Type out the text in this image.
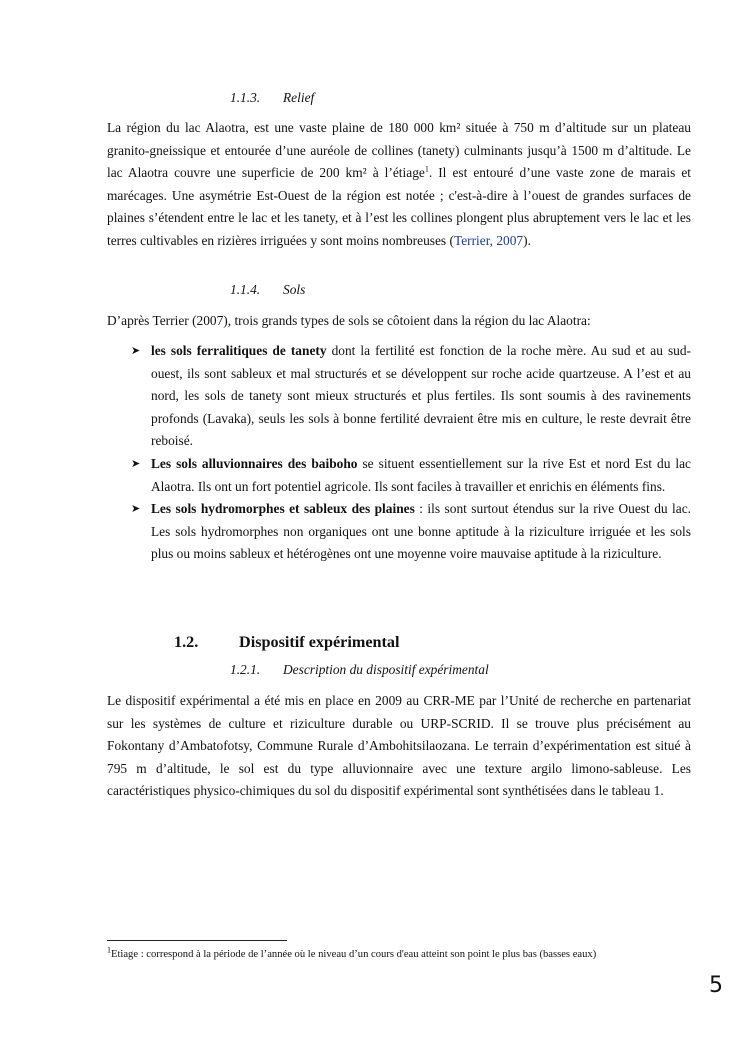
1.1.3. Relief

La région du lac Alaotra, est une vaste plaine de 180 000 km² située à 750 m d’altitude sur un plateau granito-gneissique et entourée d’une auréole de collines (tanety) culminants jusqu’à 1500 m d’altitude. Le lac Alaotra couvre une superficie de 200 km² à l’étiage$^1$. Il est entouré d’une vaste zone de marais et marécages. Une asymétrie Est-Ouest de la région est notée ; c'est-à-dire à l’ouest de grandes surfaces de plaines s’étendent entre le lac et les tanety, et à l’est les collines plongent plus abruptement vers le lac et les terres cultivables en rizières irriguées y sont moins nombreuses (Terrier, 2007).

1.1.4. Sols

D’après Terrier (2007), trois grands types de sols se côtoient dans la région du lac Alaotra:

➤ les sols ferralitiques de tanety dont la fertilité est fonction de la roche mère. Au sud et au sud-ouest, ils sont sableux et mal structurés et se développent sur roche acide quartzeuse. A l’est et au nord, les sols de tanety sont mieux structurés et plus fertiles. Ils sont soumis à des ravinements profonds (Lavaka), seuls les sols à bonne fertilité devraient être mis en culture, le reste devrait être reboisé.
➤ Les sols alluvionnaires des baiboho se situent essentiellement sur la rive Est et nord Est du lac Alaotra. Ils ont un fort potentiel agricole. Ils sont faciles à travailler et enrichis en éléments fins.
➤ Les sols hydromorphes et sableux des plaines : ils sont surtout étendus sur la rive Ouest du lac. Les sols hydromorphes non organiques ont une bonne aptitude à la riziculture irriguée et les sols plus ou moins sableux et hétérogènes ont une moyenne voire mauvaise aptitude à la riziculture.
1.2.	Dispositif expérimental
1.2.1. Description du dispositif expérimental

Le dispositif expérimental a été mis en place en 2009 au CRR-ME par l’Unité de recherche en partenariat sur les systèmes de culture et riziculture durable ou URP-SCRID. Il se trouve plus précisément au Fokontany d’Ambatofotsy, Commune Rurale d’Ambohitsilaozana. Le terrain d’expérimentation est situé à 795 m d’altitude, le sol est du type alluvionnaire avec une texture argilo limono-sableuse. Les caractéristiques physico-chimiques du sol du dispositif expérimental sont synthétisées dans le tableau 1.

$^1$Etiage : correspond à la période de l’année où le niveau d’un cours d'eau atteint son point le plus bas (basses eaux)
5
